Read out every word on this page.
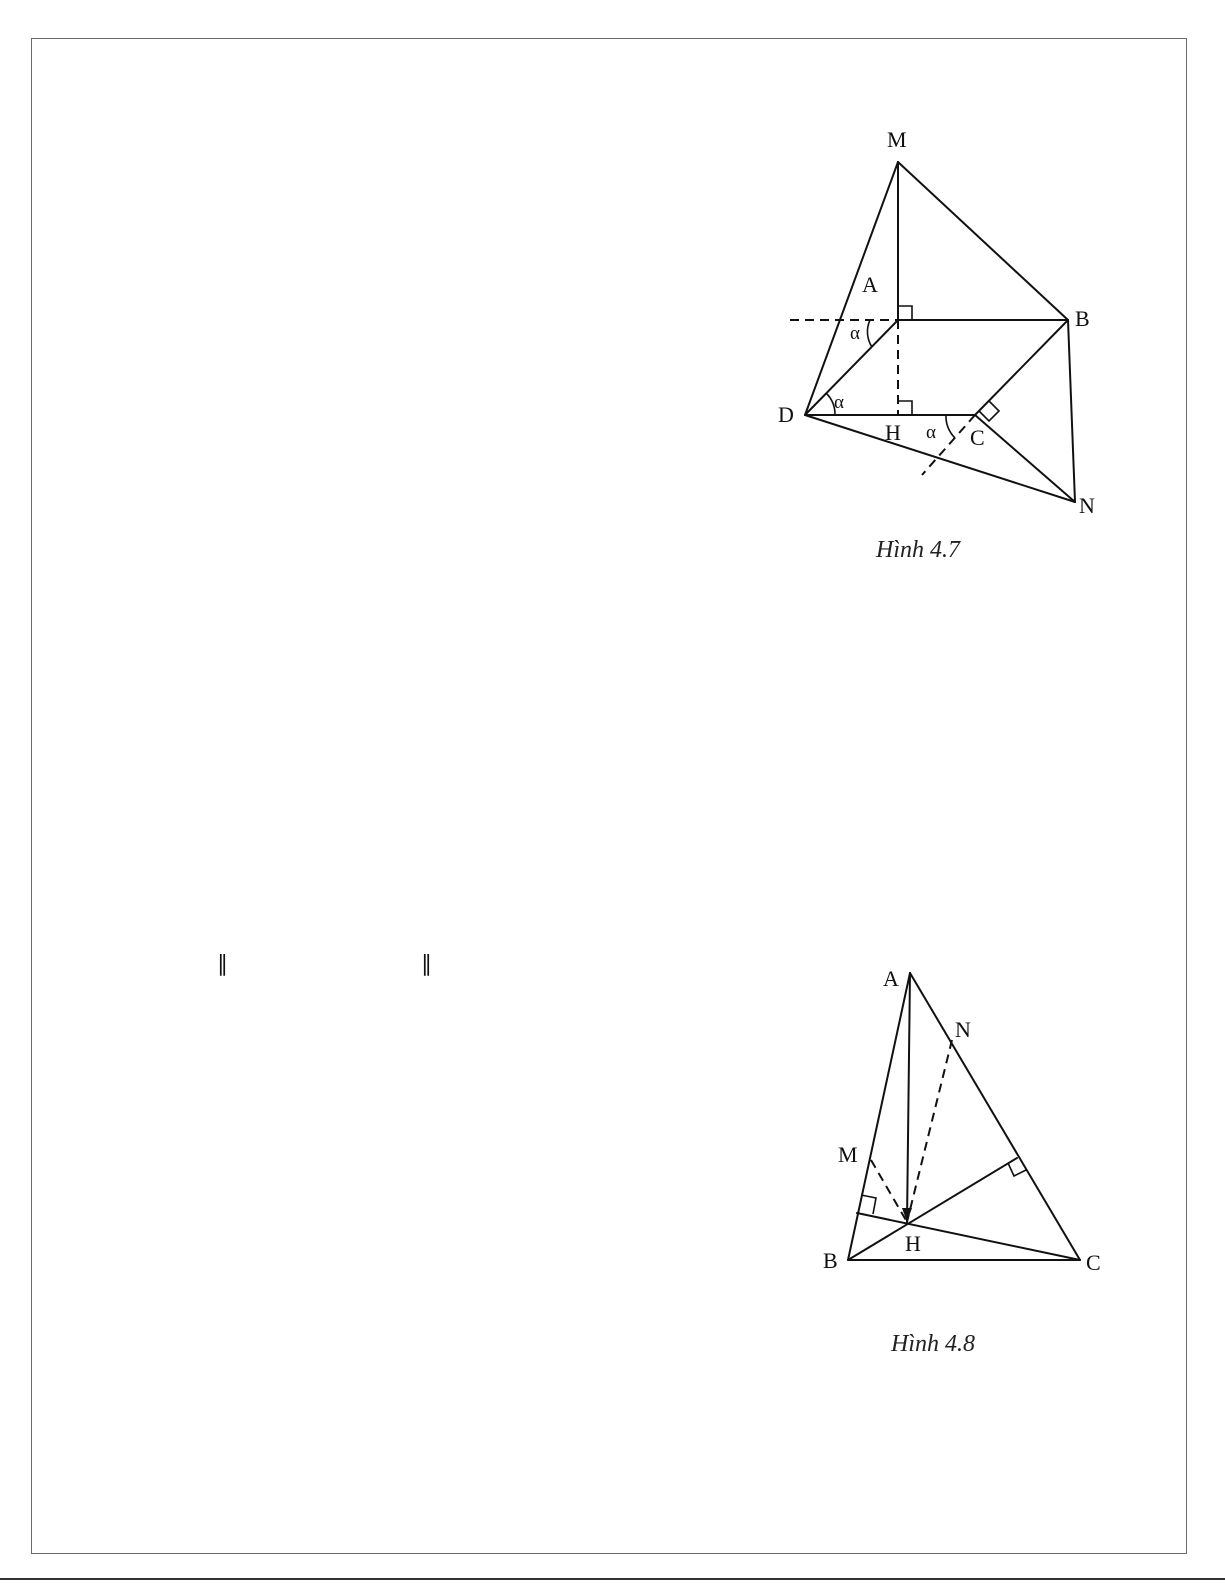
∥	∥
M
A
B
D
H	C
N
α
α
α
Hình 4.7
A
N
M
H
B	C
Hình 4.8
